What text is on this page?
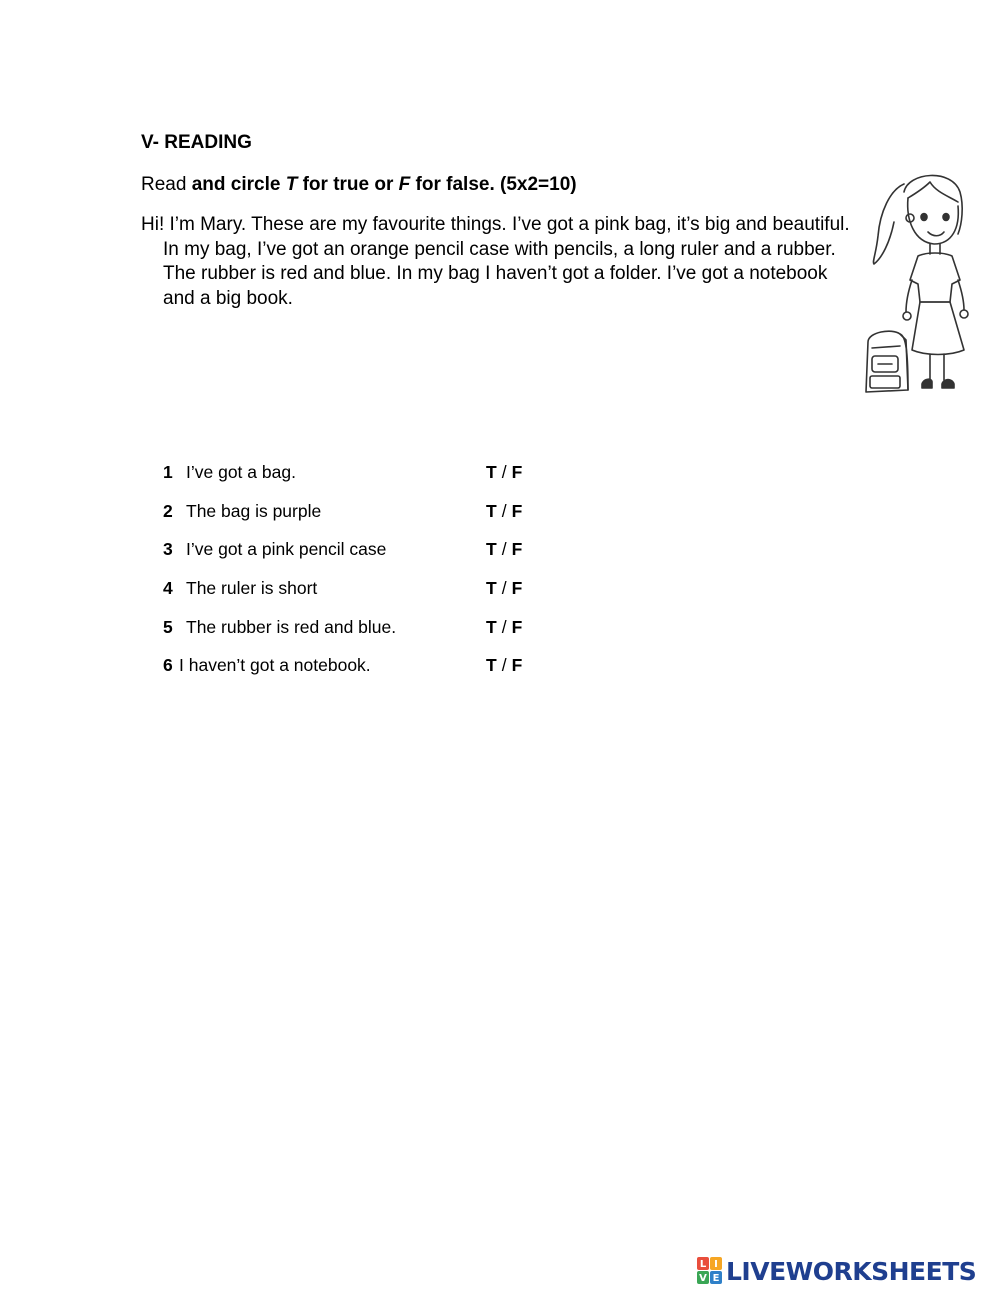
V- READING

Read and circle T for true or F for false. (5x2=10)

Hi! I’m Mary. These are my favourite things. I’ve got a pink bag, it’s big and beautiful. In my bag, I’ve got an orange pencil case with pencils, a long ruler and a rubber. The rubber is red and blue. In my bag I haven’t got a folder. I’ve got a notebook and a big book.

1 I’ve got a bag.	T / F
2 The bag is purple	T / F
3 I’ve got a pink pencil case	T / F
4 The ruler is short	T / F
5 The rubber is red and blue.	T / F
6 I haven’t got a notebook.	T / F
L I
V E LIVEWORKSHEETS
